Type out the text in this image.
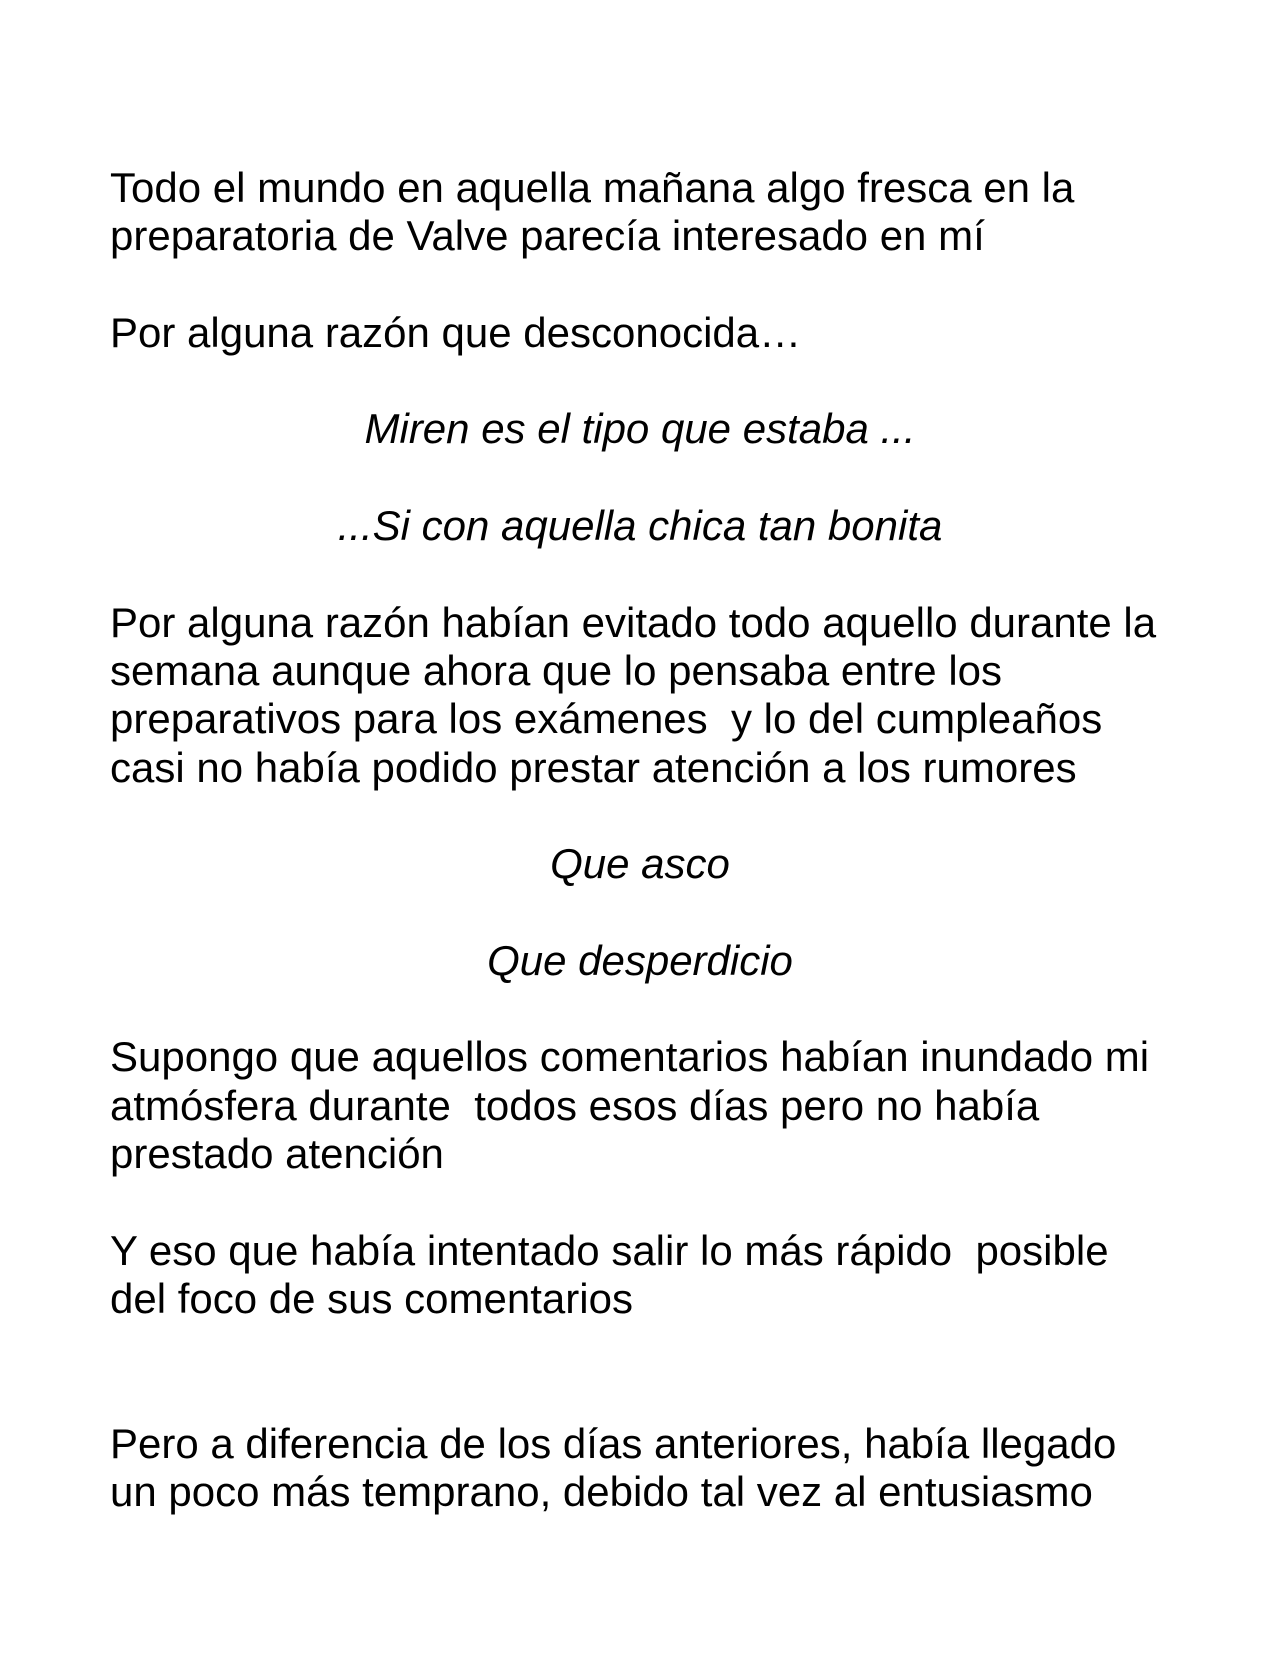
Todo el mundo en aquella mañana algo fresca en la
preparatoria de Valve parecía interesado en mí
Por alguna razón que desconocida…
Miren es el tipo que estaba ...
...Si con aquella chica tan bonita
Por alguna razón habían evitado todo aquello durante la
semana aunque ahora que lo pensaba entre los
preparativos para los exámenes  y lo del cumpleaños
casi no había podido prestar atención a los rumores
Que asco
Que desperdicio
Supongo que aquellos comentarios habían inundado mi
atmósfera durante  todos esos días pero no había
prestado atención
Y eso que había intentado salir lo más rápido  posible
del foco de sus comentarios
Pero a diferencia de los días anteriores, había llegado
un poco más temprano, debido tal vez al entusiasmo
